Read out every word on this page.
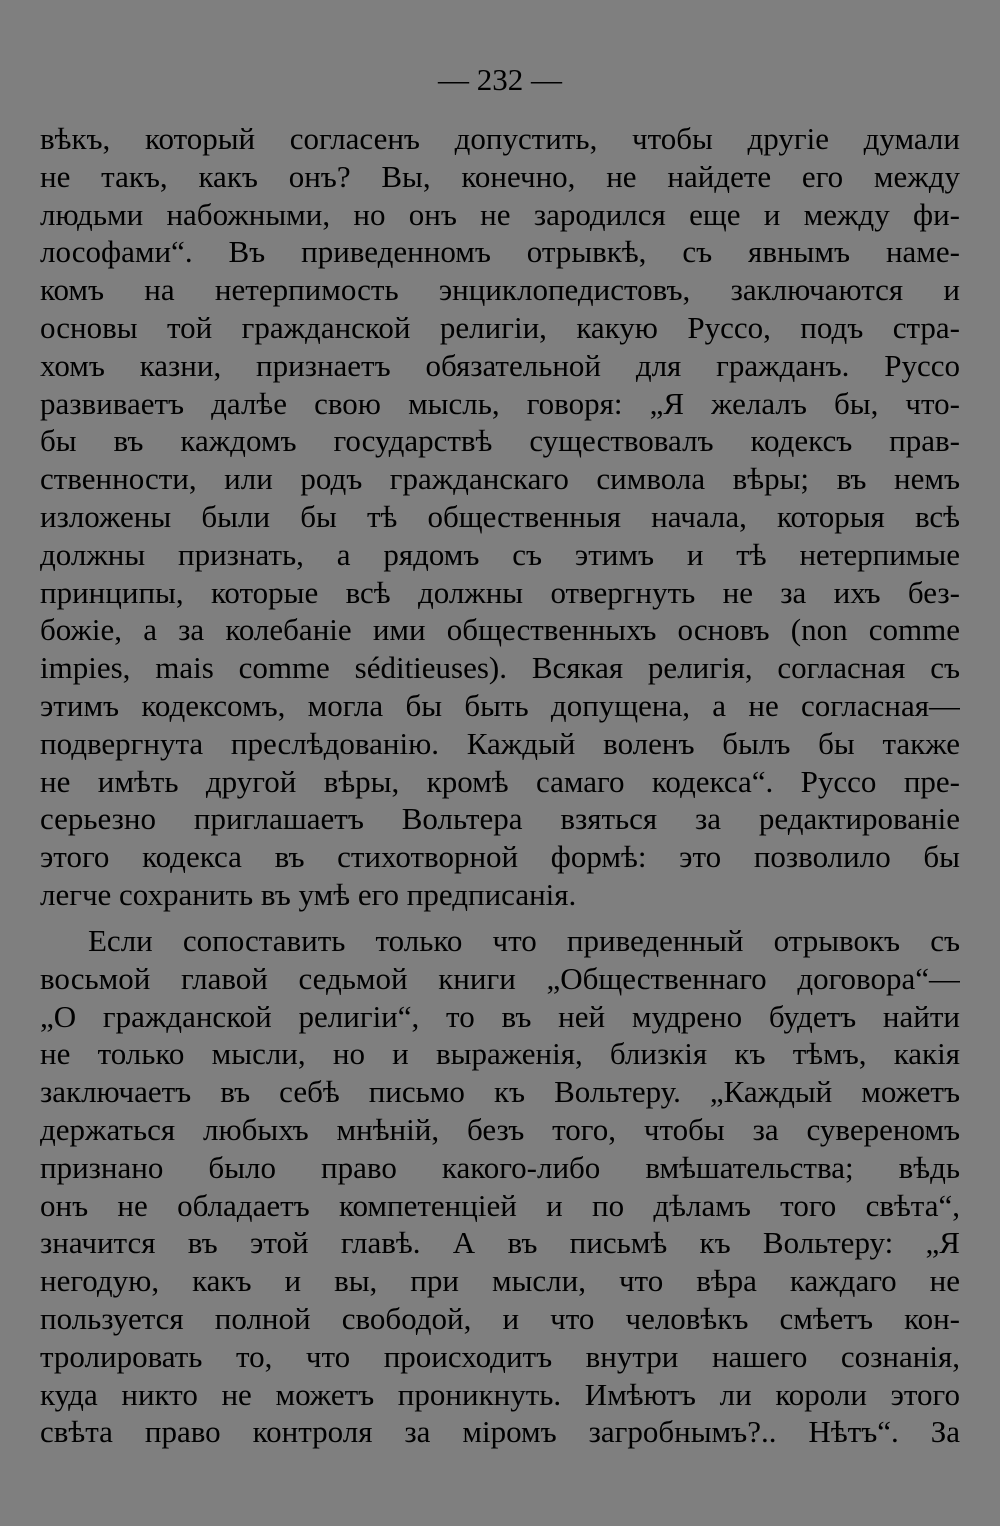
— 232 —
вѣкъ, который согласенъ допустить, чтобы другіе думали
не такъ, какъ онъ? Вы, конечно, не найдете его между
людьми набожными, но онъ не зародился еще и между фи-
лософами“. Въ приведенномъ отрывкѣ, съ явнымъ наме-
комъ на нетерпимость энциклопедистовъ, заключаются и
основы той гражданской религіи, какую Руссо, подъ стра-
хомъ казни, признаетъ обязательной для гражданъ. Руссо
развиваетъ далѣе свою мысль, говоря: „Я желалъ бы, что-
бы въ каждомъ государствѣ существовалъ кодексъ прав-
ственности, или родъ гражданскаго символа вѣры; въ немъ
изложены были бы тѣ общественныя начала, которыя всѣ
должны признать, а рядомъ съ этимъ и тѣ нетерпимые
принципы, которые всѣ должны отвергнуть не за ихъ без-
божіе, а за колебаніе ими общественныхъ основъ (non comme
impies, mais comme séditieuses). Всякая религія, согласная съ
этимъ кодексомъ, могла бы быть допущена, а не согласная—
подвергнута преслѣдованію. Каждый воленъ былъ бы также
не имѣть другой вѣры, кромѣ самаго кодекса“. Руссо пре-
серьезно приглашаетъ Вольтера взяться за редактированіе
этого кодекса въ стихотворной формѣ: это позволило бы
легче сохранить въ умѣ его предписанія.
Если сопоставить только что приведенный отрывокъ съ
восьмой главой седьмой книги „Общественнаго договора“—
„О гражданской религіи“, то въ ней мудрено будетъ найти
не только мысли, но и выраженія, близкія къ тѣмъ, какія
заключаетъ въ себѣ письмо къ Вольтеру. „Каждый можетъ
держаться любыхъ мнѣній, безъ того, чтобы за сувереномъ
признано было право какого-либо вмѣшательства; вѣдь
онъ не обладаетъ компетенціей и по дѣламъ того свѣта“,
значится въ этой главѣ. А въ письмѣ къ Вольтеру: „Я
негодую, какъ и вы, при мысли, что вѣра каждаго не
пользуется полной свободой, и что человѣкъ смѣетъ кон-
тролировать то, что происходитъ внутри нашего сознанія,
куда никто не можетъ проникнуть. Имѣютъ ли короли этого
свѣта право контроля за міромъ загробнымъ?.. Нѣтъ“. За
